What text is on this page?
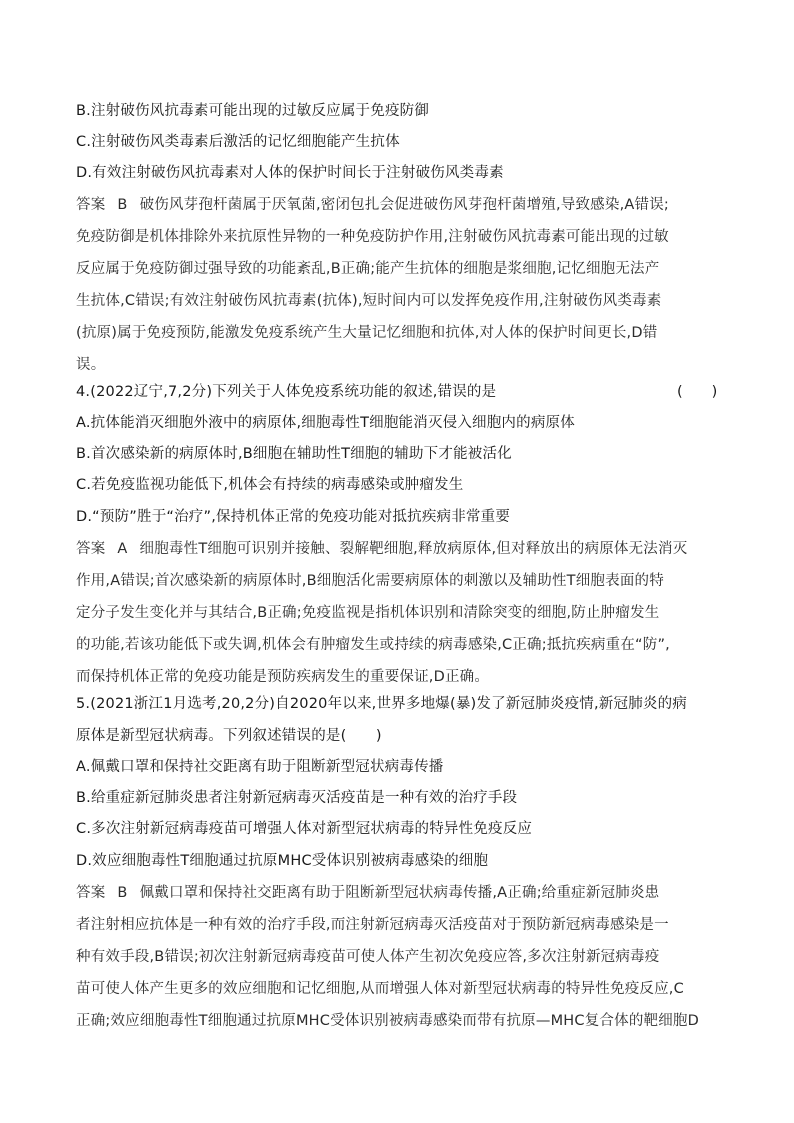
B.注射破伤风抗毒素可能出现的过敏反应属于免疫防御
C.注射破伤风类毒素后激活的记忆细胞能产生抗体
D.有效注射破伤风抗毒素对人体的保护时间长于注射破伤风类毒素
答案 B 破伤风芽孢杆菌属于厌氧菌,密闭包扎会促进破伤风芽孢杆菌增殖,导致感染,A错误;
免疫防御是机体排除外来抗原性异物的一种免疫防护作用,注射破伤风抗毒素可能出现的过敏
反应属于免疫防御过强导致的功能紊乱,B正确;能产生抗体的细胞是浆细胞,记忆细胞无法产
生抗体,C错误;有效注射破伤风抗毒素(抗体),短时间内可以发挥免疫作用,注射破伤风类毒素
(抗原)属于免疫预防,能激发免疫系统产生大量记忆细胞和抗体,对人体的保护时间更长,D错
误。
4.(2022辽宁,7,2分)下列关于人体免疫系统功能的叙述,错误的是	(　　)
A.抗体能消灭细胞外液中的病原体,细胞毒性T细胞能消灭侵入细胞内的病原体
B.首次感染新的病原体时,B细胞在辅助性T细胞的辅助下才能被活化
C.若免疫监视功能低下,机体会有持续的病毒感染或肿瘤发生
D.“预防”胜于“治疗”,保持机体正常的免疫功能对抵抗疾病非常重要
答案 A 细胞毒性T细胞可识别并接触、裂解靶细胞,释放病原体,但对释放出的病原体无法消灭
作用,A错误;首次感染新的病原体时,B细胞活化需要病原体的刺激以及辅助性T细胞表面的特
定分子发生变化并与其结合,B正确;免疫监视是指机体识别和清除突变的细胞,防止肿瘤发生
的功能,若该功能低下或失调,机体会有肿瘤发生或持续的病毒感染,C正确;抵抗疾病重在“防”,
而保持机体正常的免疫功能是预防疾病发生的重要保证,D正确。
5.(2021浙江1月选考,20,2分)自2020年以来,世界多地爆(暴)发了新冠肺炎疫情,新冠肺炎的病
原体是新型冠状病毒。下列叙述错误的是(　　)
A.佩戴口罩和保持社交距离有助于阻断新型冠状病毒传播
B.给重症新冠肺炎患者注射新冠病毒灭活疫苗是一种有效的治疗手段
C.多次注射新冠病毒疫苗可增强人体对新型冠状病毒的特异性免疫反应
D.效应细胞毒性T细胞通过抗原MHC受体识别被病毒感染的细胞
答案 B 佩戴口罩和保持社交距离有助于阻断新型冠状病毒传播,A正确;给重症新冠肺炎患
者注射相应抗体是一种有效的治疗手段,而注射新冠病毒灭活疫苗对于预防新冠病毒感染是一
种有效手段,B错误;初次注射新冠病毒疫苗可使人体产生初次免疫应答,多次注射新冠病毒疫
苗可使人体产生更多的效应细胞和记忆细胞,从而增强人体对新型冠状病毒的特异性免疫反应,C
正确;效应细胞毒性T细胞通过抗原MHC受体识别被病毒感染而带有抗原—MHC复合体的靶细胞D
